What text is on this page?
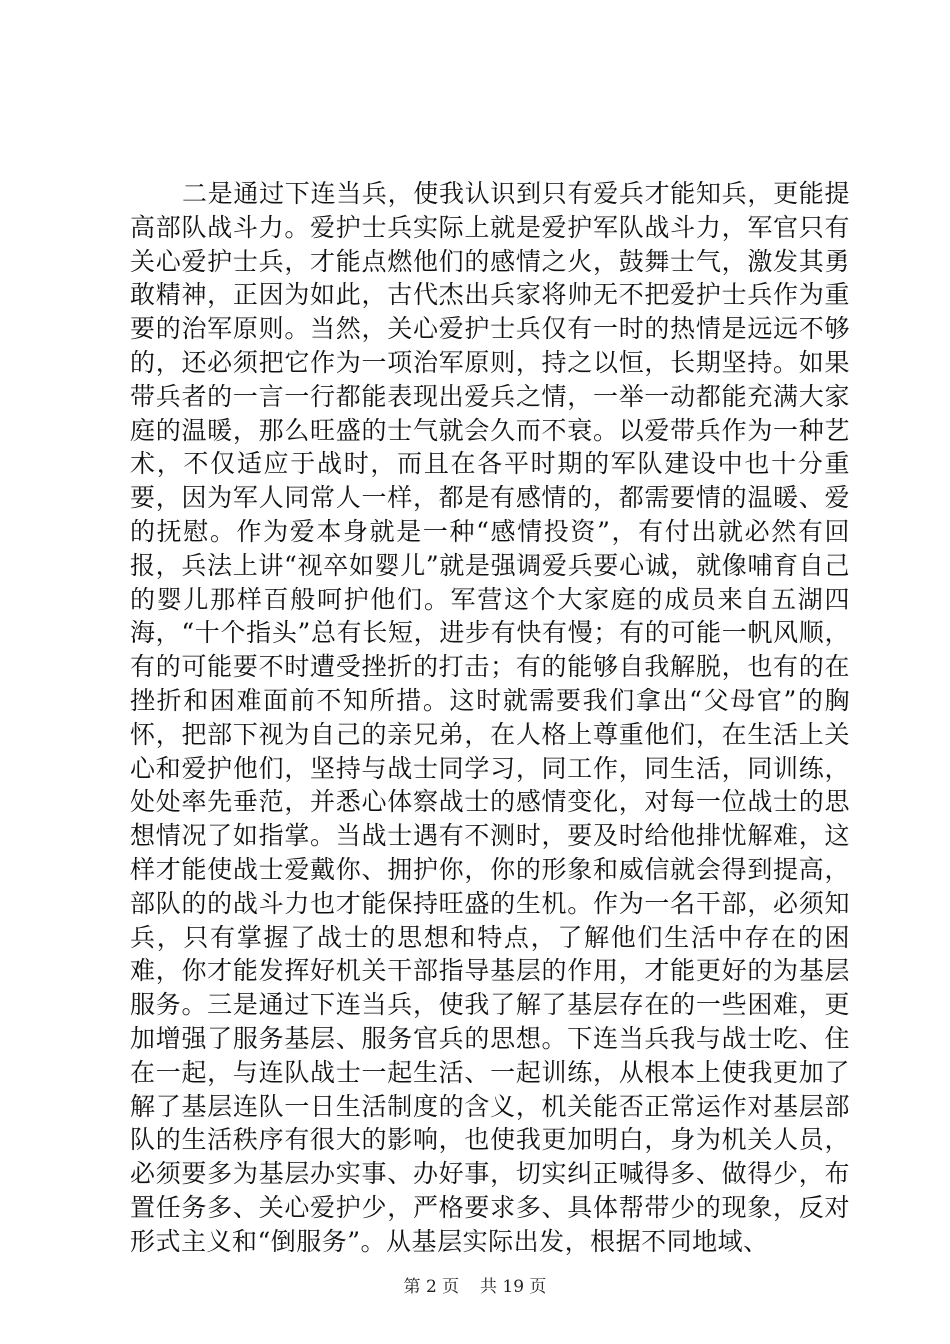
二是通过下连当兵，使我认识到只有爱兵才能知兵，更能提高部队战斗力。爱护士兵实际上就是爱护军队战斗力，军官只有关心爱护士兵，才能点燃他们的感情之火，鼓舞士气，激发其勇敢精神，正因为如此，古代杰出兵家将帅无不把爱护士兵作为重要的治军原则。当然，关心爱护士兵仅有一时的热情是远远不够的，还必须把它作为一项治军原则，持之以恒，长期坚持。如果带兵者的一言一行都能表现出爱兵之情，一举一动都能充满大家庭的温暖，那么旺盛的士气就会久而不衰。以爱带兵作为一种艺术，不仅适应于战时，而且在各平时期的军队建设中也十分重要，因为军人同常人一样，都是有感情的，都需要情的温暖、爱的抚慰。作为爱本身就是一种“感情投资”，有付出就必然有回报，兵法上讲“视卒如婴儿”就是强调爱兵要心诚，就像哺育自己的婴儿那样百般呵护他们。军营这个大家庭的成员来自五湖四海，“十个指头”总有长短，进步有快有慢；有的可能一帆风顺，有的可能要不时遭受挫折的打击；有的能够自我解脱，也有的在挫折和困难面前不知所措。这时就需要我们拿出“父母官”的胸怀，把部下视为自己的亲兄弟，在人格上尊重他们，在生活上关心和爱护他们，坚持与战士同学习，同工作，同生活，同训练，处处率先垂范，并悉心体察战士的感情变化，对每一位战士的思想情况了如指掌。当战士遇有不测时，要及时给他排忧解难，这样才能使战士爱戴你、拥护你，你的形象和威信就会得到提高，部队的的战斗力也才能保持旺盛的生机。作为一名干部，必须知兵，只有掌握了战士的思想和特点，了解他们生活中存在的困难，你才能发挥好机关干部指导基层的作用，才能更好的为基层服务。三是通过下连当兵，使我了解了基层存在的一些困难，更加增强了服务基层、服务官兵的思想。下连当兵我与战士吃、住在一起，与连队战士一起生活、一起训练，从根本上使我更加了解了基层连队一日生活制度的含义，机关能否正常运作对基层部队的生活秩序有很大的影响，也使我更加明白，身为机关人员，必须要多为基层办实事、办好事，切实纠正喊得多、做得少，布置任务多、关心爱护少，严格要求多、具体帮带少的现象，反对形式主义和“倒服务”。从基层实际出发，根据不同地域、

第 2 页 共 19 页
